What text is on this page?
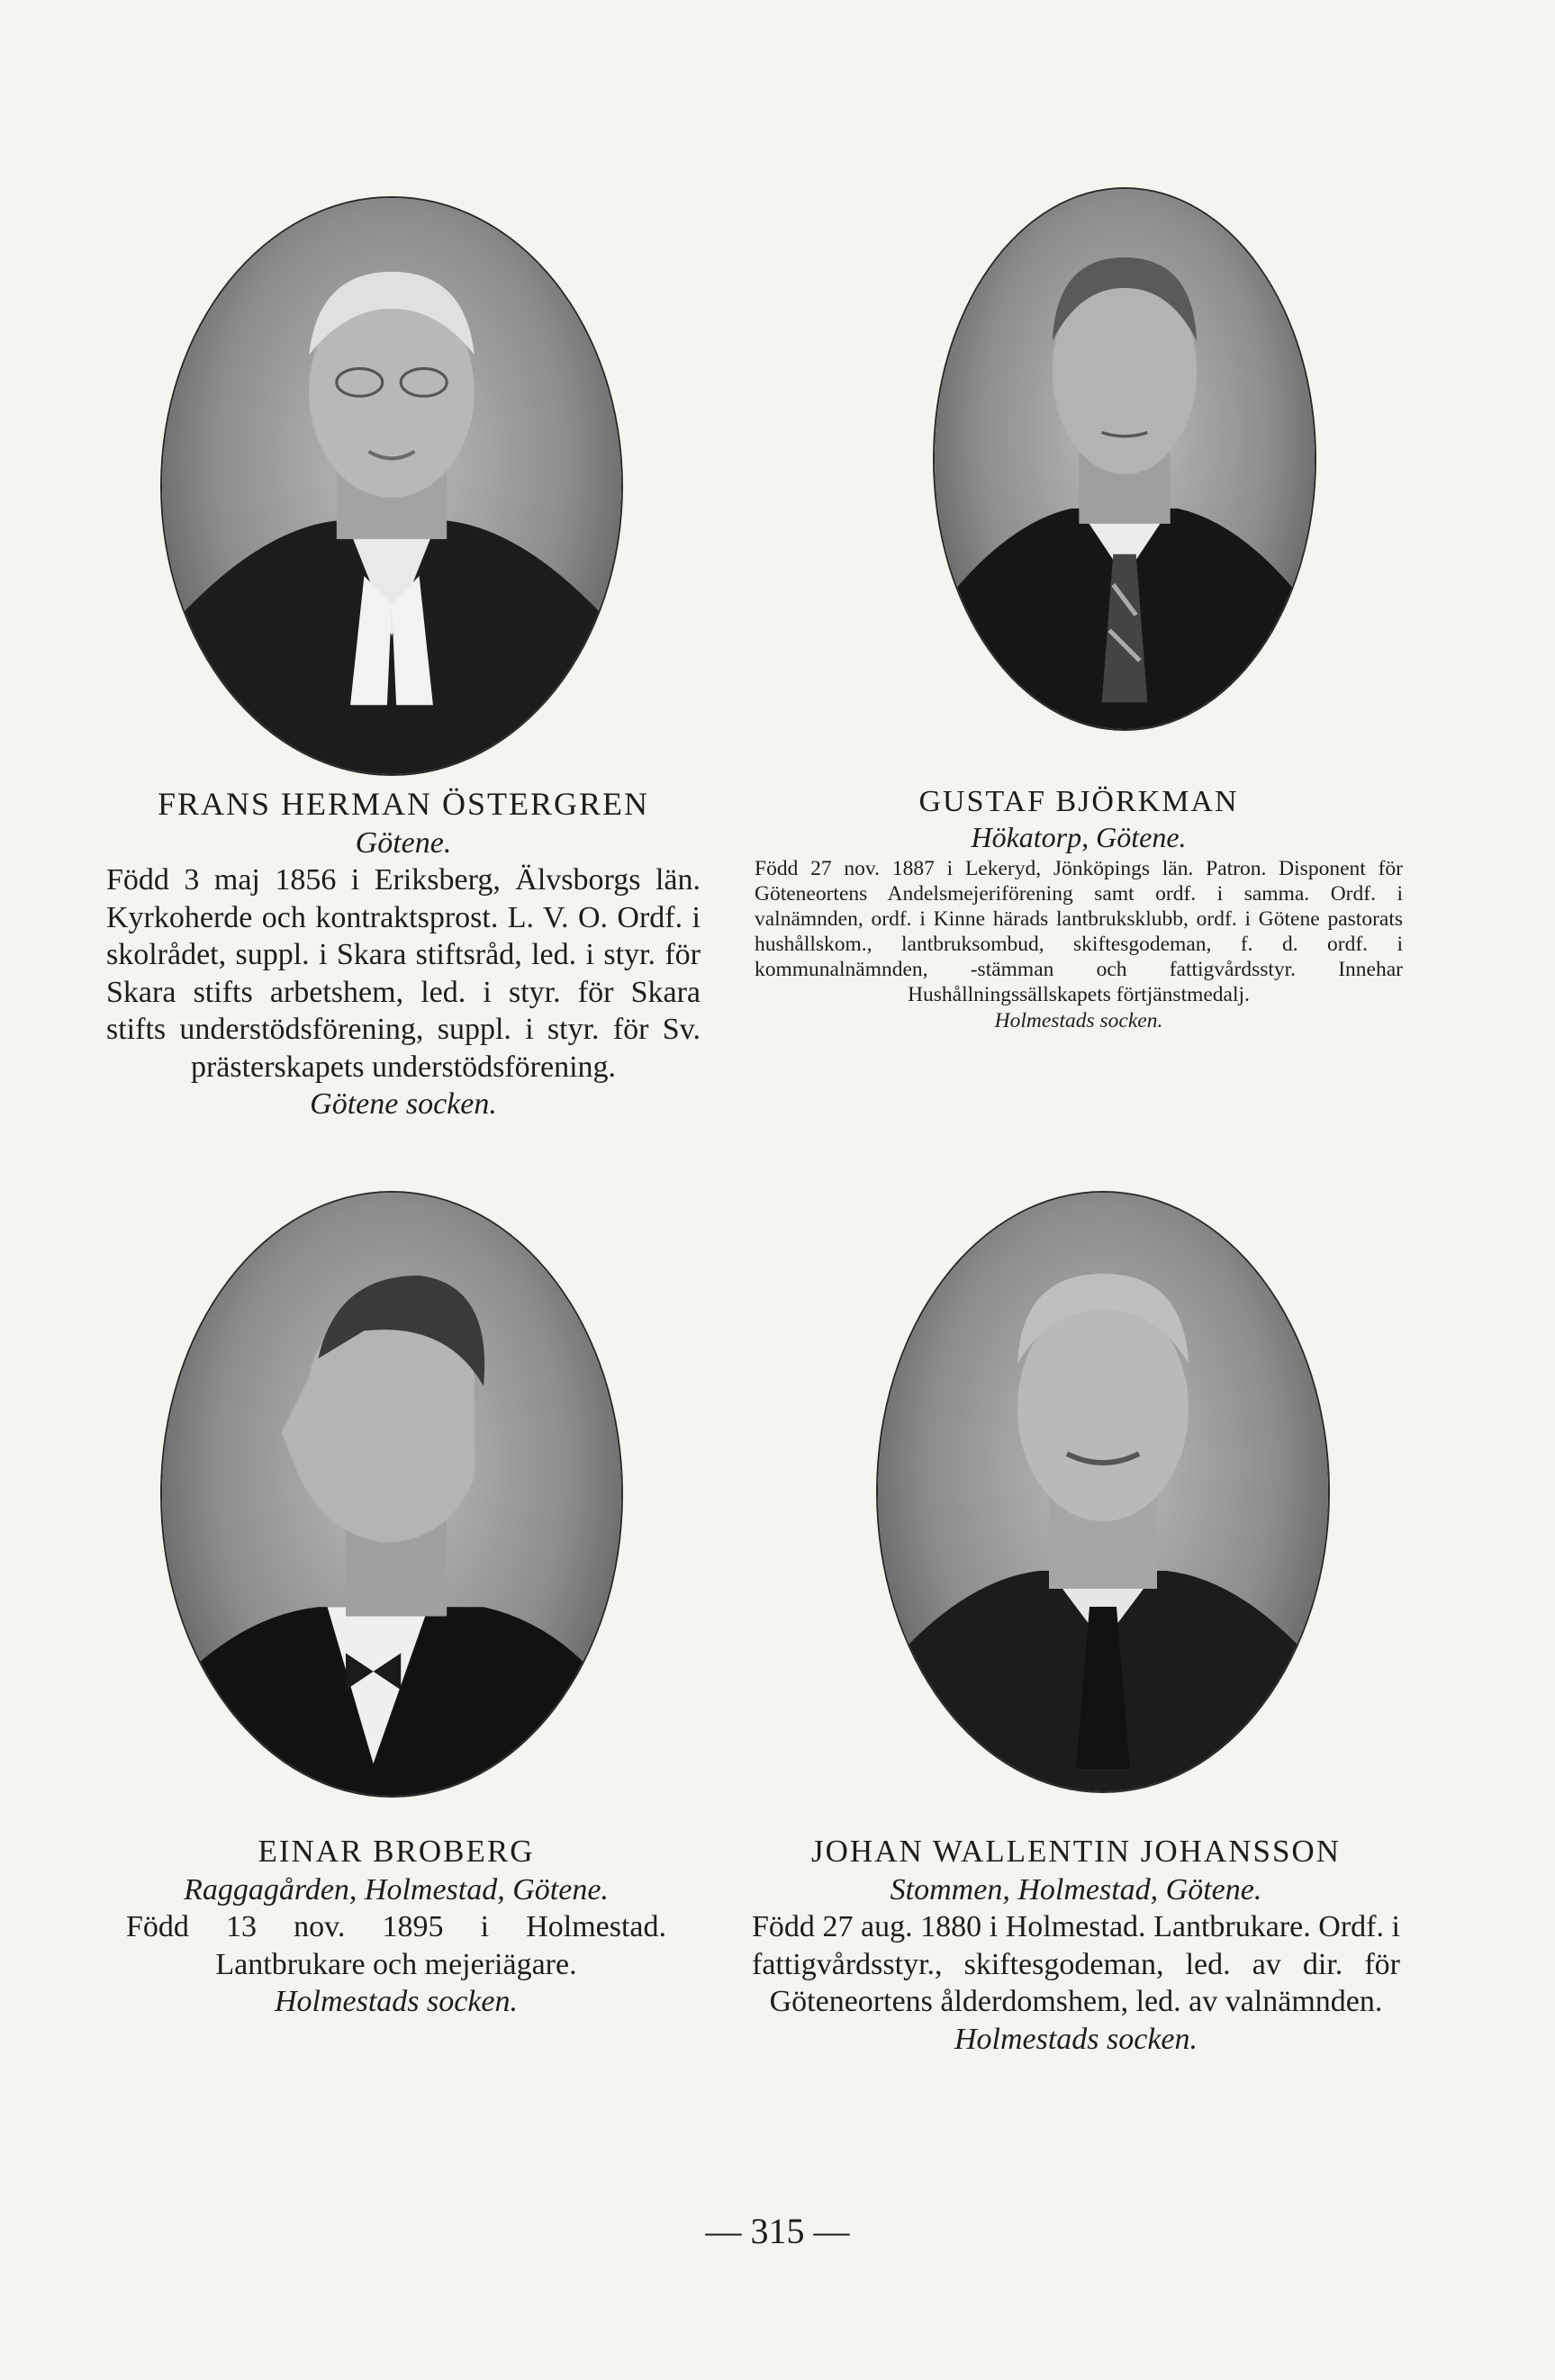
FRANS HERMAN ÖSTERGREN
Götene.
Född 3 maj 1856 i Eriksberg, Älvsborgs län. Kyrkoherde och kontraktsprost. L. V. O. Ordf. i skolrådet, suppl. i Skara stiftsråd, led. i styr. för Skara stifts arbetshem, led. i styr. för Skara stifts understödsförening, suppl. i styr. för Sv. prästerskapets understödsförening.
Götene socken.
GUSTAF BJÖRKMAN
Hökatorp, Götene.
Född 27 nov. 1887 i Lekeryd, Jönköpings län. Patron. Disponent för Göteneortens Andelsmejeriförening samt ordf. i samma. Ordf. i valnämnden, ordf. i Kinne härads lantbruksklubb, ordf. i Götene pastorats hushållskom., lantbruksombud, skiftesgodeman, f. d. ordf. i kommunalnämnden, -stämman och fattigvårdsstyr. Innehar Hushållningssällskapets förtjänstmedalj.
Holmestads socken.
EINAR BROBERG
Raggagården, Holmestad, Götene.
Född 13 nov. 1895 i Holmestad. Lantbrukare och mejeriägare.
Holmestads socken.
JOHAN WALLENTIN JOHANSSON
Stommen, Holmestad, Götene.
Född 27 aug. 1880 i Holmestad. Lantbrukare. Ordf. i fattigvårdsstyr., skiftesgodeman, led. av dir. för Göteneortens ålderdomshem, led. av valnämnden.
Holmestads socken.
— 315 —
